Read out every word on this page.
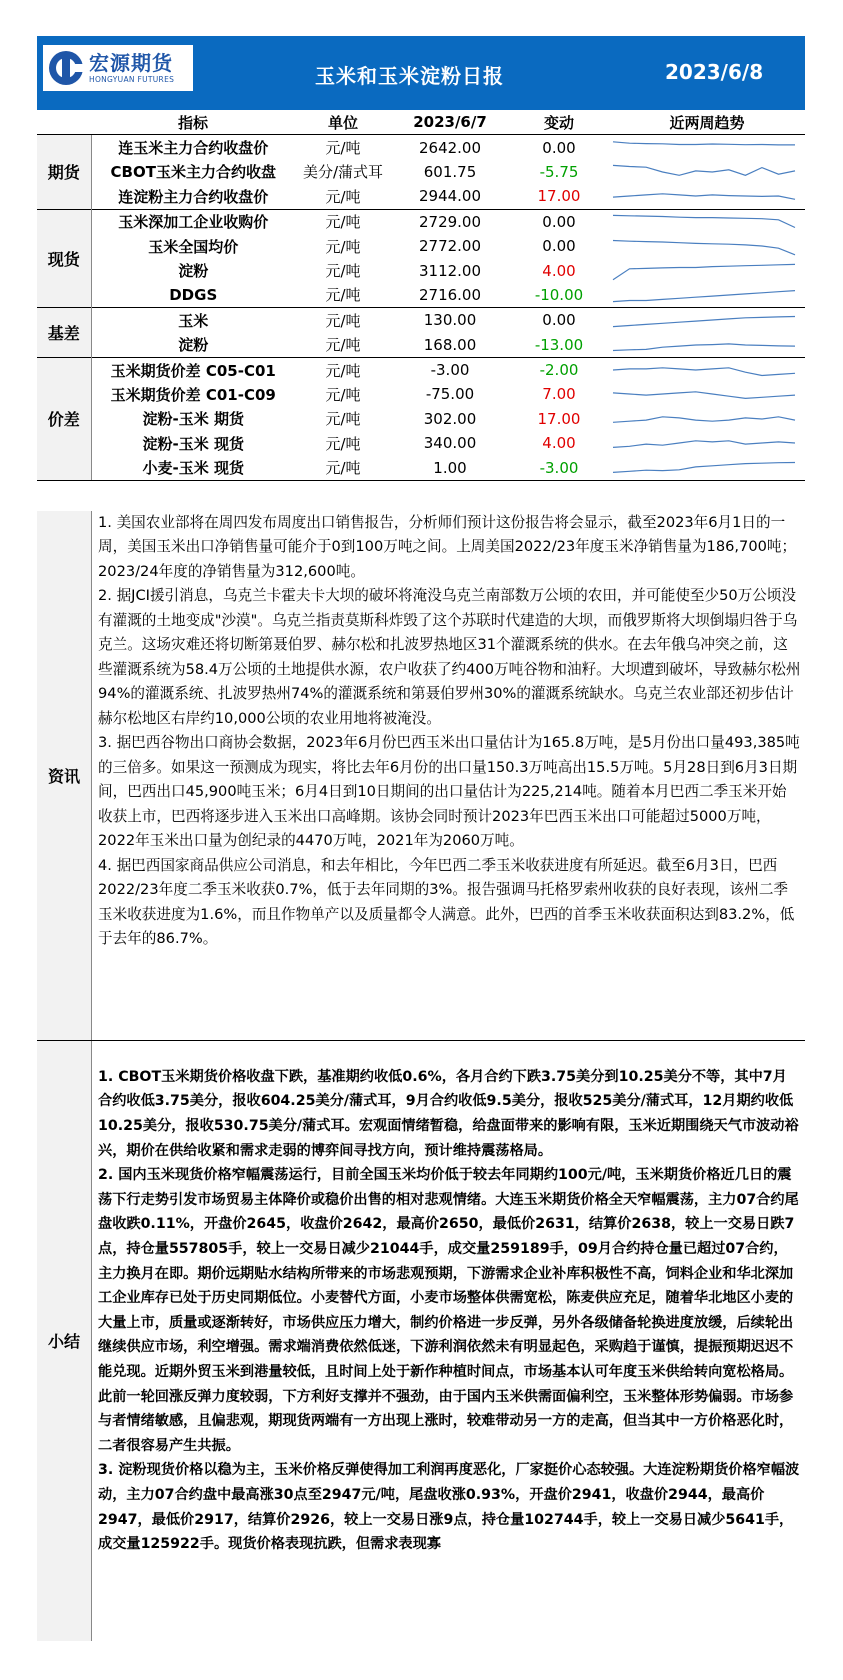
宏源期货
HONGYUAN FUTURES	玉米和玉米淀粉日报	2023/6/8
	指标	单位	2023/6/7	变动	近两周趋势
期货	连玉米主力合约收盘价	元/吨	2642.00	0.00	

	CBOT玉米主力合约收盘	美分/蒲式耳	601.75	-5.75	

	连淀粉主力合约收盘价	元/吨	2944.00	17.00	

现货	玉米深加工企业收购价	元/吨	2729.00	0.00	

	玉米全国均价	元/吨	2772.00	0.00	

	淀粉	元/吨	3112.00	4.00	

	DDGS	元/吨	2716.00	-10.00	

基差	玉米	元/吨	130.00	0.00	

	淀粉	元/吨	168.00	-13.00	

价差	玉米期货价差 C05-C01	元/吨	-3.00	-2.00	

	玉米期货价差 C01-C09	元/吨	-75.00	7.00	

	淀粉-玉米 期货	元/吨	302.00	17.00	

	淀粉-玉米 现货	元/吨	340.00	4.00	

	小麦-玉米 现货	元/吨	1.00	-3.00	
资讯

1. 美国农业部将在周四发布周度出口销售报告，分析师们预计这份报告将会显示，截至2023年6月1日的一周，美国玉米出口净销售量可能介于0到100万吨之间。上周美国2022/23年度玉米净销售量为186,700吨；2023/24年度的净销售量为312,600吨。

2. 据JCI援引消息，乌克兰卡霍夫卡大坝的破坏将淹没乌克兰南部数万公顷的农田，并可能使至少50万公顷没有灌溉的土地变成"沙漠"。乌克兰指责莫斯科炸毁了这个苏联时代建造的大坝，而俄罗斯将大坝倒塌归咎于乌克兰。这场灾难还将切断第聂伯罗、赫尔松和扎波罗热地区31个灌溉系统的供水。在去年俄乌冲突之前，这些灌溉系统为58.4万公顷的土地提供水源，农户收获了约400万吨谷物和油籽。大坝遭到破坏，导致赫尔松州94%的灌溉系统、扎波罗热州74%的灌溉系统和第聂伯罗州30%的灌溉系统缺水。乌克兰农业部还初步估计赫尔松地区右岸约10,000公顷的农业用地将被淹没。

3. 据巴西谷物出口商协会数据，2023年6月份巴西玉米出口量估计为165.8万吨，是5月份出口量493,385吨的三倍多。如果这一预测成为现实，将比去年6月份的出口量150.3万吨高出15.5万吨。5月28日到6月3日期间，巴西出口45,900吨玉米；6月4日到10日期间的出口量估计为225,214吨。随着本月巴西二季玉米开始收获上市，巴西将逐步进入玉米出口高峰期。该协会同时预计2023年巴西玉米出口可能超过5000万吨，2022年玉米出口量为创纪录的4470万吨，2021年为2060万吨。

4. 据巴西国家商品供应公司消息，和去年相比，今年巴西二季玉米收获进度有所延迟。截至6月3日，巴西2022/23年度二季玉米收获0.7%，低于去年同期的3%。报告强调马托格罗索州收获的良好表现，该州二季玉米收获进度为1.6%，而且作物单产以及质量都令人满意。此外，巴西的首季玉米收获面积达到83.2%，低于去年的86.7%。

小结

1. CBOT玉米期货价格收盘下跌，基准期约收低0.6%，各月合约下跌3.75美分到10.25美分不等，其中7月合约收低3.75美分，报收604.25美分/蒲式耳，9月合约收低9.5美分，报收525美分/蒲式耳，12月期约收低10.25美分，报收530.75美分/蒲式耳。宏观面情绪暂稳，给盘面带来的影响有限，玉米近期围绕天气市波动裕兴，期价在供给收紧和需求走弱的博弈间寻找方向，预计维持震荡格局。

2. 国内玉米现货价格窄幅震荡运行，目前全国玉米均价低于较去年同期约100元/吨，玉米期货价格近几日的震荡下行走势引发市场贸易主体降价或稳价出售的相对悲观情绪。大连玉米期货价格全天窄幅震荡，主力07合约尾盘收跌0.11%，开盘价2645，收盘价2642，最高价2650，最低价2631，结算价2638，较上一交易日跌7点，持仓量557805手，较上一交易日减少21044手，成交量259189手，09月合约持仓量已超过07合约，主力换月在即。期价远期贴水结构所带来的市场悲观预期，下游需求企业补库积极性不高，饲料企业和华北深加工企业库存已处于历史同期低位。小麦替代方面，小麦市场整体供需宽松，陈麦供应充足，随着华北地区小麦的大量上市，质量或逐渐转好，市场供应压力增大，制约价格进一步反弹，另外各级储备轮换进度放缓，后续轮出继续供应市场，利空增强。需求端消费依然低迷，下游利润依然未有明显起色，采购趋于谨慎，提振预期迟迟不能兑现。近期外贸玉米到港量较低，且时间上处于新作种植时间点，市场基本认可年度玉米供给转向宽松格局。此前一轮回涨反弹力度较弱，下方利好支撑并不强劲，由于国内玉米供需面偏利空，玉米整体形势偏弱。市场参与者情绪敏感，且偏悲观，期现货两端有一方出现上涨时，较难带动另一方的走高，但当其中一方价格恶化时，二者很容易产生共振。

3. 淀粉现货价格以稳为主，玉米价格反弹使得加工利润再度恶化，厂家挺价心态较强。大连淀粉期货价格窄幅波动，主力07合约盘中最高涨30点至2947元/吨，尾盘收涨0.93%，开盘价2941，收盘价2944，最高价2947，最低价2917，结算价2926，较上一交易日涨9点，持仓量102744手，较上一交易日减少5641手，成交量125922手。现货价格表现抗跌，但需求表现寡
